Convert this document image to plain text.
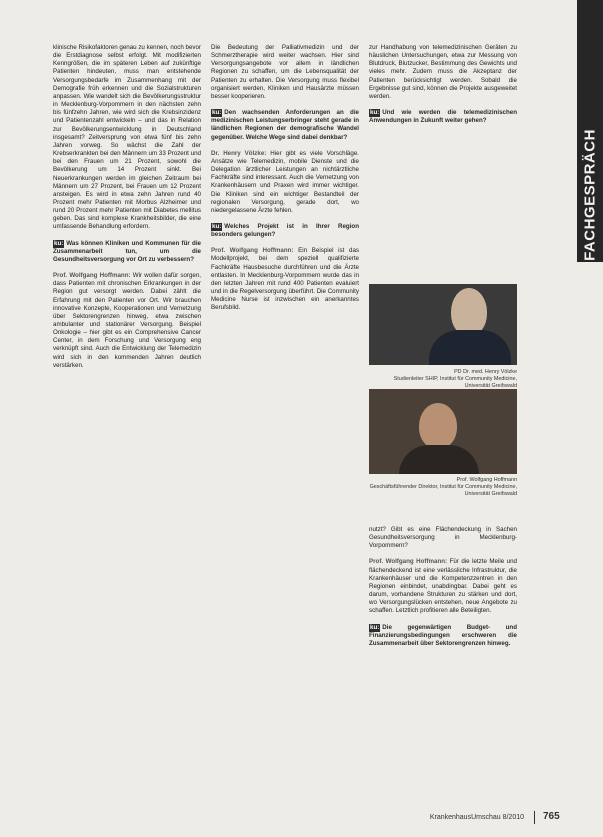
FACHGESPRÄCH

klinische Risikofaktoren genau zu kennen, noch bevor die Erstdiagnose selbst erfolgt. Mit modifizierten Kenngrößen, die im späteren Leben auf zukünftige Patienten hindeuten, muss man entstehende Versorgungsbedarfe im Zusammenhang mit der Demografie früh erkennen und die Sozialstrukturen anpassen. Wie wandelt sich die Bevölkerungsstruktur in Mecklenburg-Vorpommern in den nächsten zehn bis fünfzehn Jahren, wie wird sich die Krebsinzidenz und Patientenzahl entwickeln – und das in Relation zur Bevölkerungsentwicklung in Deutschland insgesamt? Zeitversprung von etwa fünf bis zehn Jahren vorweg. So wächst die Zahl der Krebserkrankten bei den Männern um 33 Prozent und bei den Frauen um 21 Prozent, sowohl die Bevölkerung um 14 Prozent sinkt. Bei Neuerkrankungen werden im gleichen Zeitraum bei Männern um 27 Prozent, bei Frauen um 12 Prozent ansteigen. Es wird in etwa zehn Jahren rund 40 Prozent mehr Patienten mit Morbus Alzheimer und rund 20 Prozent mehr Patienten mit Diabetes mellitus geben. Das sind komplexe Krankheitsbilder, die eine umfassende Behandlung erfordern.

ku: Was können Kliniken und Kommunen für die Zusammenarbeit tun, um die Gesundheitsversorgung vor Ort zu verbessern?

Prof. Wolfgang Hoffmann: Wir wollen dafür sorgen, dass Patienten mit chronischen Erkrankungen in der Region gut versorgt werden. Dabei zählt die Erfahrung mit den Patienten vor Ort. Wir brauchen innovative Konzepte, Kooperationen und Vernetzung über Sektorengrenzen hinweg, etwa zwischen ambulanter und stationärer Versorgung. Beispiel Onkologie – hier gibt es ein Comprehensive Cancer Center, in dem Forschung und Versorgung eng verknüpft sind. Auch die Entwicklung der Telemedizin wird sich in den kommenden Jahren deutlich verstärken.

Die Bedeutung der Palliativmedizin und der Schmerztherapie wird weiter wachsen. Hier sind Versorgungsangebote vor allem in ländlichen Regionen zu schaffen, um die Lebensqualität der Patienten zu erhalten. Die Versorgung muss flexibel organisiert werden, Kliniken und Hausärzte müssen besser kooperieren.

ku: Den wachsenden Anforderungen an die medizinischen Leistungserbringer steht gerade in ländlichen Regionen der demografische Wandel gegenüber. Welche Wege sind dabei denkbar?

Dr. Henry Völzke: Hier gibt es viele Vorschläge. Ansätze wie Telemedizin, mobile Dienste und die Delegation ärztlicher Leistungen an nichtärztliche Fachkräfte sind interessant. Auch die Vernetzung von Krankenhäusern und Praxen wird immer wichtiger. Die Kliniken sind ein wichtiger Bestandteil der regionalen Versorgung, gerade dort, wo niedergelassene Ärzte fehlen.

ku: Welches Projekt ist in Ihrer Region besonders gelungen?

Prof. Wolfgang Hoffmann: Ein Beispiel ist das Modellprojekt, bei dem speziell qualifizierte Fachkräfte Hausbesuche durchführen und die Ärzte entlasten. In Mecklenburg-Vorpommern wurde das in den letzten Jahren mit rund 400 Patienten evaluiert und in die Regelversorgung überführt. Die Community Medicine Nurse ist inzwischen ein anerkanntes Berufsbild.

zur Handhabung von telemedizinischen Geräten zu häuslichen Untersuchungen, etwa zur Messung von Blutdruck, Blutzucker, Bestimmung des Gewichts und vieles mehr. Zudem muss die Akzeptanz der Patienten berücksichtigt werden. Sobald die Ergebnisse gut sind, können die Projekte ausgeweitet werden.

ku: Und wie werden die telemedizinischen Anwendungen in Zukunft weiter gehen?

PD Dr. med. Henry Völzke
Studienleiter SHIP, Institut für Community Medicine, Universität Greifswald
Prof. Wolfgang Hoffmann
Geschäftsführender Direktor, Institut für Community Medicine, Universität Greifswald

nutzt? Gibt es eine Flächendeckung in Sachen Gesundheitsversorgung in Mecklenburg-Vorpommern?

Prof. Wolfgang Hoffmann: Für die letzte Meile und flächendeckend ist eine verlässliche Infrastruktur, die Krankenhäuser und die Kompetenzzentren in den Regionen einbindet, unabdingbar. Dabei geht es darum, vorhandene Strukturen zu stärken und dort, wo Versorgungslücken entstehen, neue Angebote zu schaffen. Letztlich profitieren alle Beteiligten.

ku: Die gegenwärtigen Budget- und Finanzierungsbedingungen erschweren die Zusammenarbeit über Sektorengrenzen hinweg.

KrankenhausUmschau 8/2010 765
